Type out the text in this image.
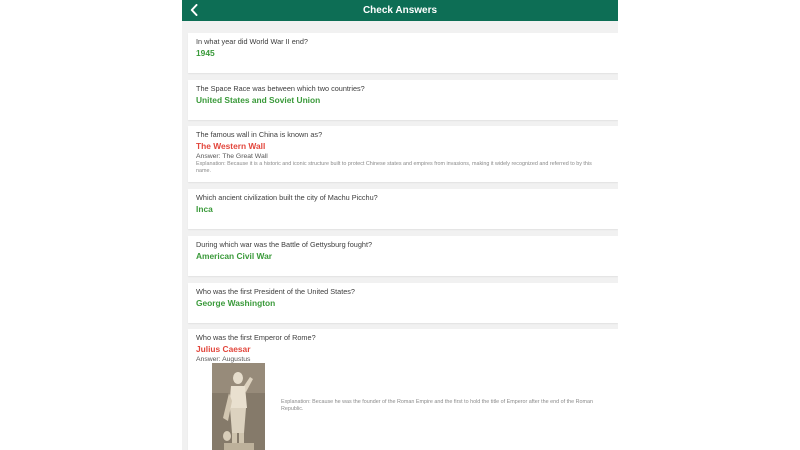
Check Answers
In what year did World War II end?
1945
The Space Race was between which two countries?
United States and Soviet Union
The famous wall in China is known as?
The Western Wall
Answer: The Great Wall
Explanation: Because it is a historic and iconic structure built to protect Chinese states and empires from invasions, making it widely recognized and referred to by this name.
Which ancient civilization built the city of Machu Picchu?
Inca
During which war was the Battle of Gettysburg fought?
American Civil War
Who was the first President of the United States?
George Washington
Who was the first Emperor of Rome?
Julius Caesar
Answer: Augustus
Explanation: Because he was the founder of the Roman Empire and the first to hold the title of Emperor after the end of the Roman Republic.
